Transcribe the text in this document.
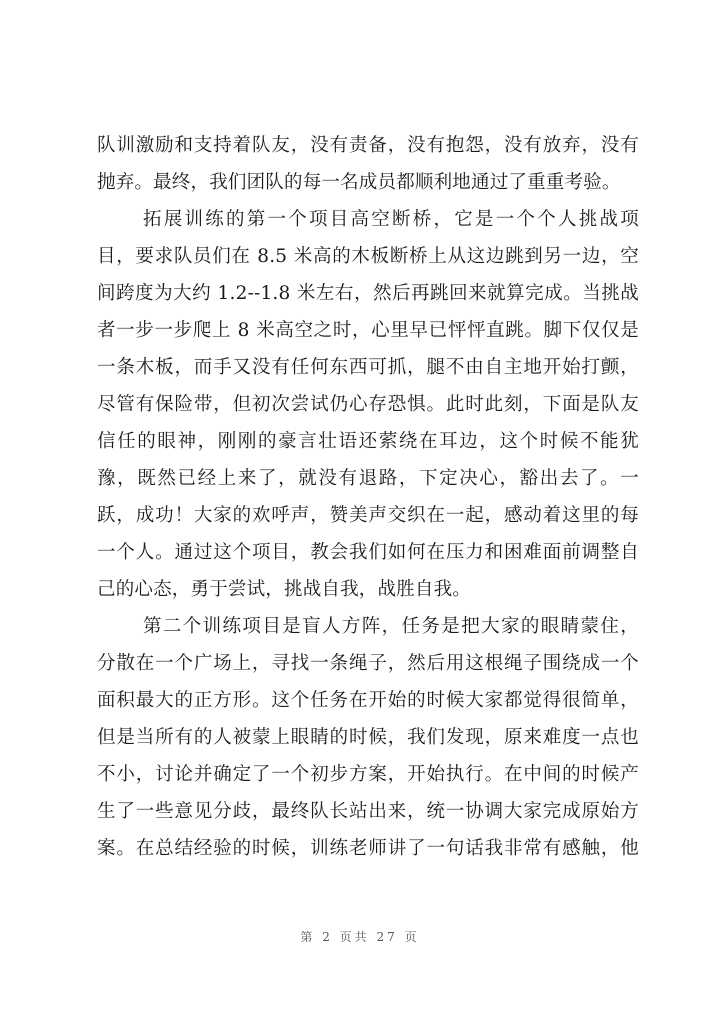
队训激励和支持着队友，没有责备，没有抱怨，没有放弃，没有
抛弃。最终，我们团队的每一名成员都顺利地通过了重重考验。
拓展训练的第一个项目高空断桥，它是一个个人挑战项
目，要求队员们在 8.5 米高的木板断桥上从这边跳到另一边，空
间跨度为大约 1.2--1.8 米左右，然后再跳回来就算完成。当挑战
者一步一步爬上 8 米高空之时，心里早已怦怦直跳。脚下仅仅是
一条木板，而手又没有任何东西可抓，腿不由自主地开始打颤，
尽管有保险带，但初次尝试仍心存恐惧。此时此刻，下面是队友
信任的眼神，刚刚的豪言壮语还萦绕在耳边，这个时候不能犹
豫，既然已经上来了，就没有退路，下定决心，豁出去了。一
跃，成功！大家的欢呼声，赞美声交织在一起，感动着这里的每
一个人。通过这个项目，教会我们如何在压力和困难面前调整自
己的心态，勇于尝试，挑战自我，战胜自我。
第二个训练项目是盲人方阵，任务是把大家的眼睛蒙住，
分散在一个广场上，寻找一条绳子，然后用这根绳子围绕成一个
面积最大的正方形。这个任务在开始的时候大家都觉得很简单，
但是当所有的人被蒙上眼睛的时候，我们发现，原来难度一点也
不小，讨论并确定了一个初步方案，开始执行。在中间的时候产
生了一些意见分歧，最终队长站出来，统一协调大家完成原始方
案。在总结经验的时候，训练老师讲了一句话我非常有感触，他
第 2 页共 27 页
